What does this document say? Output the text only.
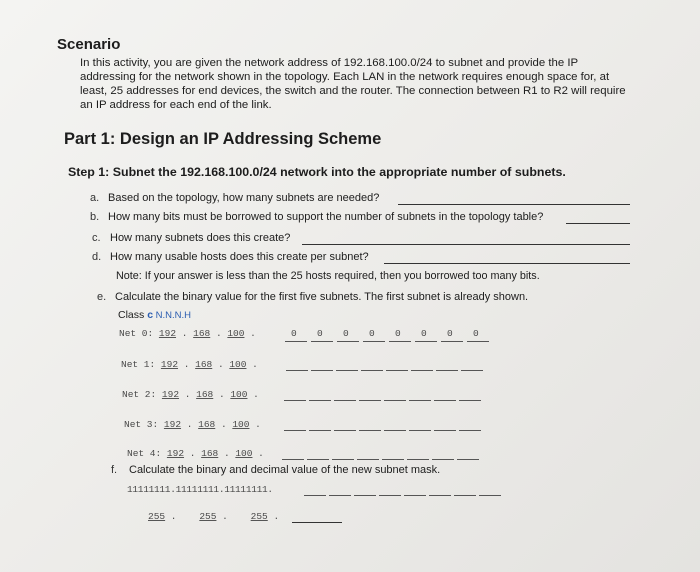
Scenario
In this activity, you are given the network address of 192.168.100.0/24 to subnet and provide the IP
addressing for the network shown in the topology. Each LAN in the network requires enough space for, at
least, 25 addresses for end devices, the switch and the router. The connection between R1 to R2 will require
an IP address for each end of the link.
Part 1: Design an IP Addressing Scheme
Step 1: Subnet the 192.168.100.0/24 network into the appropriate number of subnets.
a. Based on the topology, how many subnets are needed?
b. How many bits must be borrowed to support the number of subnets in the topology table?
c. How many subnets does this create?
d. How many usable hosts does this create per subnet?
Note: If your answer is less than the 25 hosts required, then you borrowed too many bits.
e. Calculate the binary value for the first five subnets. The first subnet is already shown.
Class c N.N.N.H
Net 0: 192 . 168 . 100 .	0 0 0 0 0 0 0 0
Net 1: 192 . 168 . 100 .
Net 2: 192 . 168 . 100 .
Net 3: 192 . 168 . 100 .
Net 4: 192 . 168 . 100 .
f. Calculate the binary and decimal value of the new subnet mask.
11111111.11111111.11111111.
255 .    255 .    255 .
